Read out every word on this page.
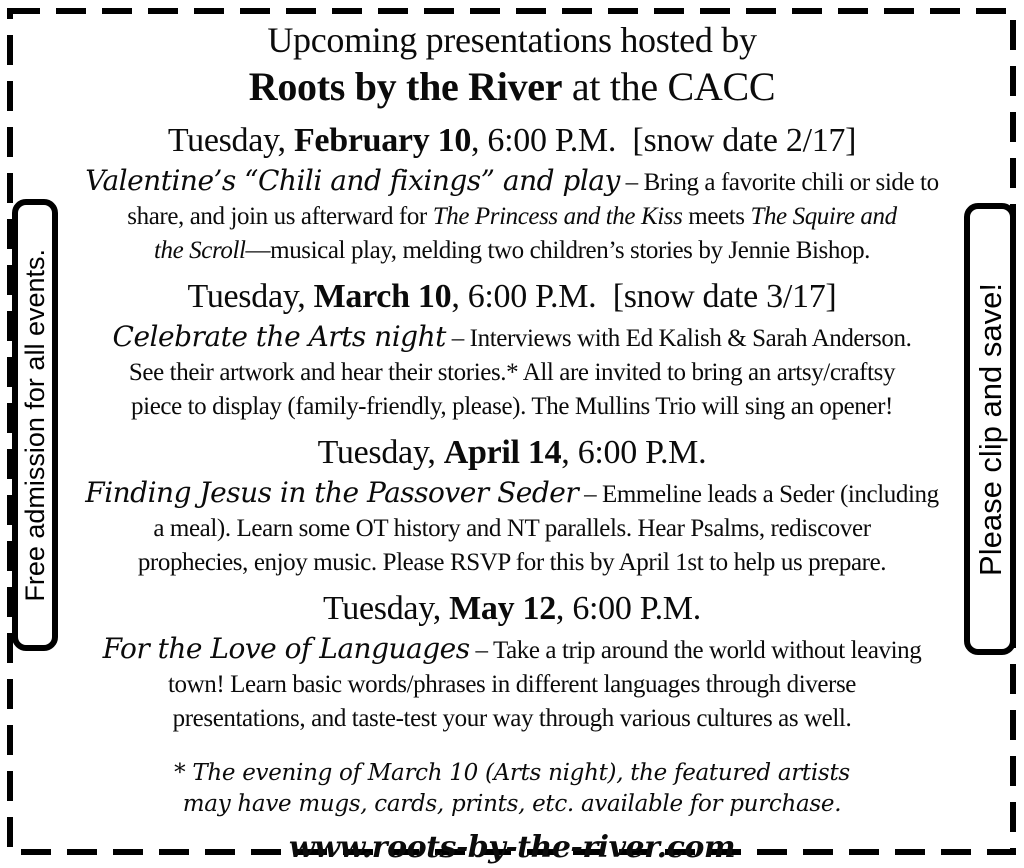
Free admission for all events.	Please clip and save!
Upcoming presentations hosted by
Roots by the River at the CACC
Tuesday, February 10, 6:00 P.M.  [snow date 2/17]
Valentine’s “Chili and fixings” and play – Bring a favorite chili or side to
share, and join us afterward for The Princess and the Kiss meets The Squire and
the Scroll—musical play, melding two children’s stories by Jennie Bishop.
Tuesday, March 10, 6:00 P.M.  [snow date 3/17]
Celebrate the Arts night – Interviews with Ed Kalish & Sarah Anderson.
See their artwork and hear their stories.* All are invited to bring an artsy/craftsy
piece to display (family-friendly, please). The Mullins Trio will sing an opener!
Tuesday, April 14, 6:00 P.M.
Finding Jesus in the Passover Seder – Emmeline leads a Seder (including
a meal). Learn some OT history and NT parallels. Hear Psalms, rediscover
prophecies, enjoy music. Please RSVP for this by April 1st to help us prepare.
Tuesday, May 12, 6:00 P.M.
For the Love of Languages – Take a trip around the world without leaving
town! Learn basic words/phrases in different languages through diverse
presentations, and taste-test your way through various cultures as well.
* The evening of March 10 (Arts night), the featured artists
may have mugs, cards, prints, etc. available for purchase.
www.roots-by-the-river.com
